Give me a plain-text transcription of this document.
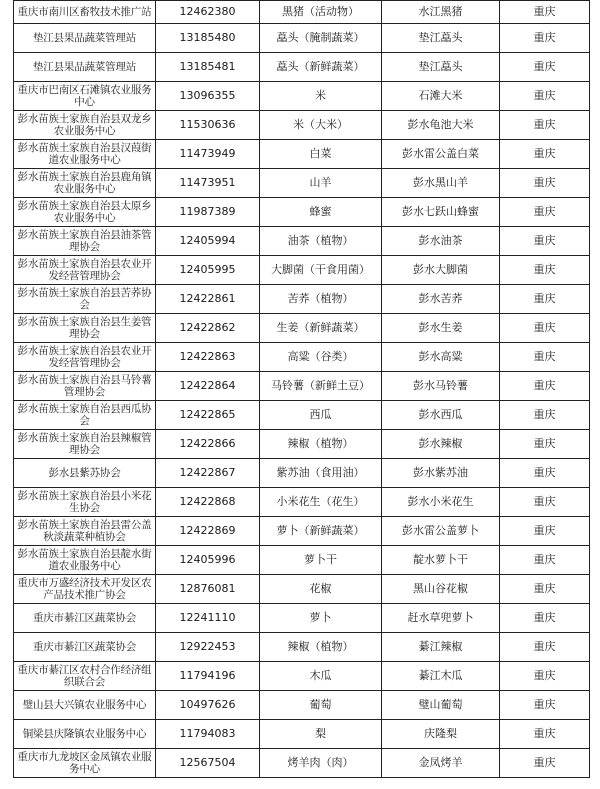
重庆市南川区畜牧技术推广站	12462380	黑猪（活动物）	水江黑猪	重庆
垫江县果品蔬菜管理站	13185480	藠头（腌制蔬菜）	垫江藠头	重庆
垫江县果品蔬菜管理站	13185481	藠头（新鲜蔬菜）	垫江藠头	重庆
重庆市巴南区石滩镇农业服务中心	13096355	米	石滩大米	重庆
彭水苗族土家族自治县双龙乡农业服务中心	11530636	米（大米）	彭水龟池大米	重庆
彭水苗族土家族自治县汉葭街道农业服务中心	11473949	白菜	彭水雷公盖白菜	重庆
彭水苗族土家族自治县鹿角镇农业服务中心	11473951	山羊	彭水黑山羊	重庆
彭水苗族土家族自治县太原乡农业服务中心	11987389	蜂蜜	彭水七跃山蜂蜜	重庆
彭水苗族土家族自治县油茶管理协会	12405994	油茶（植物）	彭水油茶	重庆
彭水苗族土家族自治县农业开发经营管理协会	12405995	大脚菌（干食用菌）	彭水大脚菌	重庆
彭水苗族土家族自治县苦荞协会	12422861	苦荞（植物）	彭水苦荞	重庆
彭水苗族土家族自治县生姜管理协会	12422862	生姜（新鲜蔬菜）	彭水生姜	重庆
彭水苗族土家族自治县农业开发经营管理协会	12422863	高粱（谷类）	彭水高粱	重庆
彭水苗族土家族自治县马铃薯管理协会	12422864	马铃薯（新鲜土豆）	彭水马铃薯	重庆
彭水苗族土家族自治县西瓜协会	12422865	西瓜	彭水西瓜	重庆
彭水苗族土家族自治县辣椒管理协会	12422866	辣椒（植物）	彭水辣椒	重庆
彭水县紫苏协会	12422867	紫苏油（食用油）	彭水紫苏油	重庆
彭水苗族土家族自治县小米花生协会	12422868	小米花生（花生）	彭水小米花生	重庆
彭水苗族土家族自治县雷公盖秋淡蔬菜种植协会	12422869	萝卜（新鲜蔬菜）	彭水雷公盖萝卜	重庆
彭水苗族土家族自治县靛水街道农业服务中心	12405996	萝卜干	靛水萝卜干	重庆
重庆市万盛经济技术开发区农产品技术推广协会	12876081	花椒	黑山谷花椒	重庆
重庆市綦江区蔬菜协会	12241110	萝卜	赶水草兜萝卜	重庆
重庆市綦江区蔬菜协会	12922453	辣椒（植物）	綦江辣椒	重庆
重庆市綦江区农村合作经济组织联合会	11794196	木瓜	綦江木瓜	重庆
璧山县大兴镇农业服务中心	10497626	葡萄	璧山葡萄	重庆
铜梁县庆隆镇农业服务中心	11794083	梨	庆隆梨	重庆
重庆市九龙坡区金凤镇农业服务中心	12567504	烤羊肉（肉）	金凤烤羊	重庆
